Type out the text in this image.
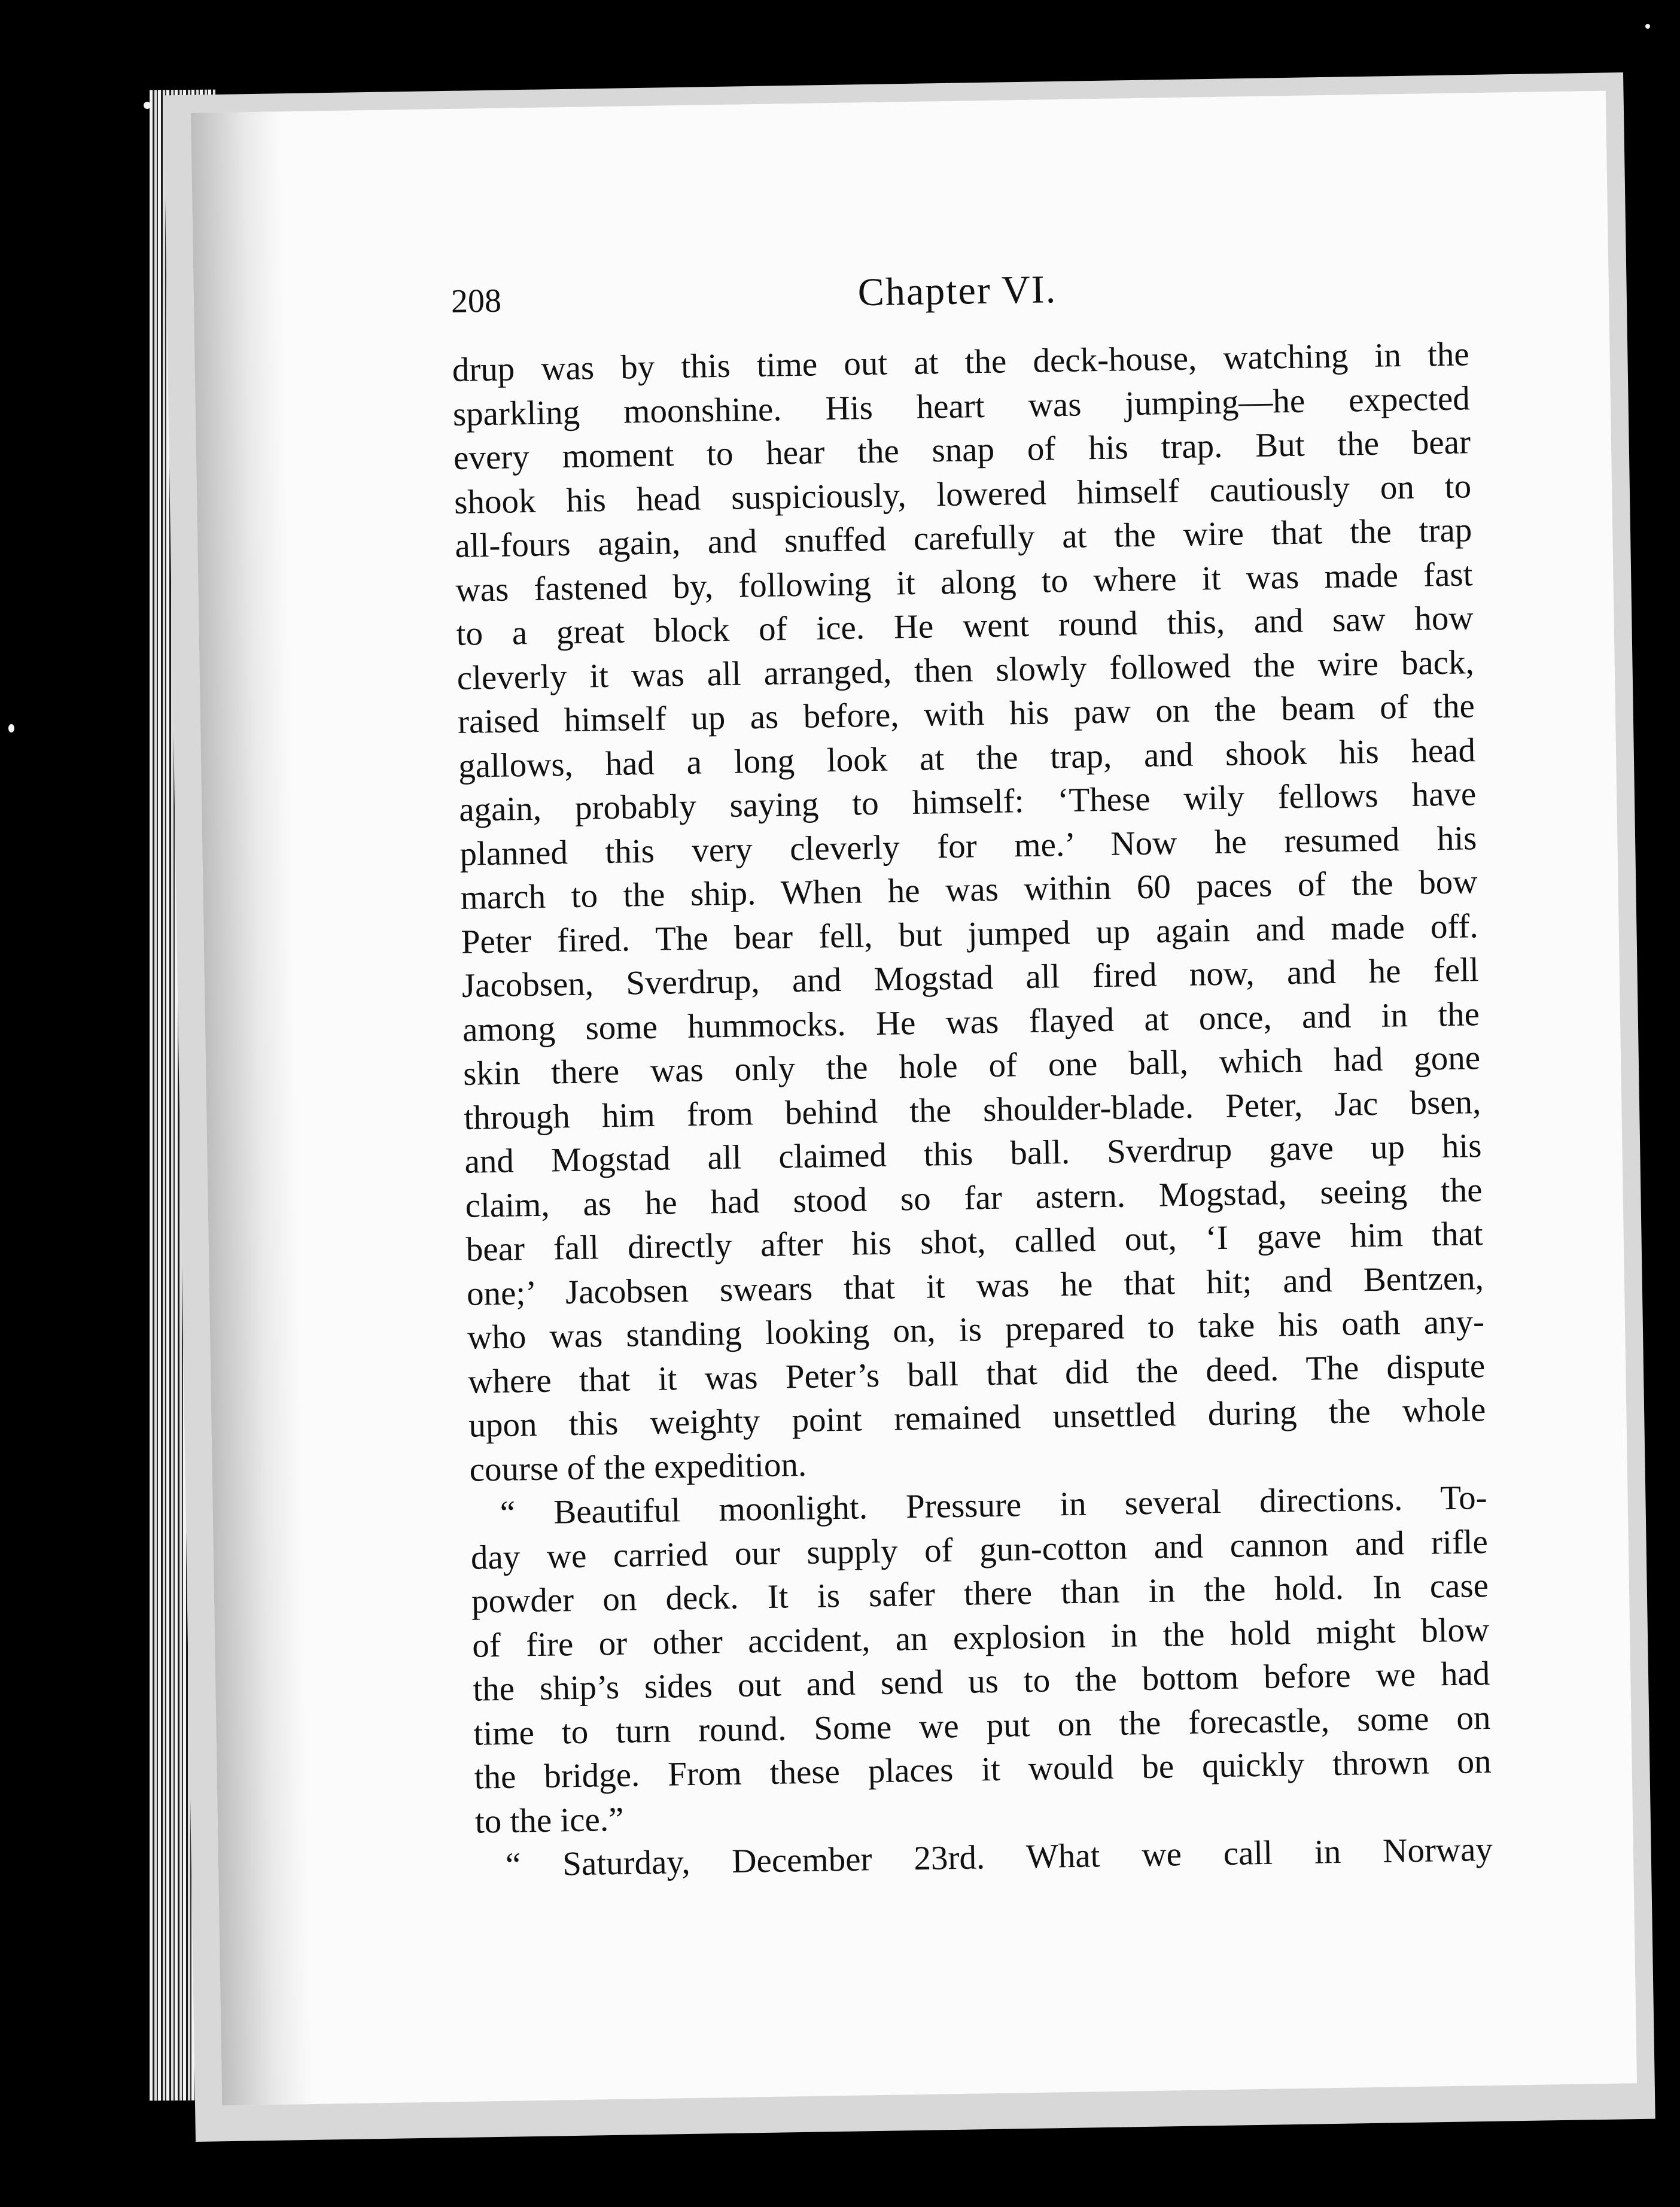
208	Chapter VI.
drup was by this time out at the deck-house, watching in the
sparkling moonshine. His heart was jumping—he expected
every moment to hear the snap of his trap. But the bear
shook his head suspiciously, lowered himself cautiously on to
all-fours again, and snuffed carefully at the wire that the trap
was fastened by, following it along to where it was made fast
to a great block of ice. He went round this, and saw how
cleverly it was all arranged, then slowly followed the wire back,
raised himself up as before, with his paw on the beam of the
gallows, had a long look at the trap, and shook his head
again, probably saying to himself: ‘These wily fellows have
planned this very cleverly for me.’ Now he resumed his
march to the ship. When he was within 60 paces of the bow
Peter fired. The bear fell, but jumped up again and made off.
Jacobsen, Sverdrup, and Mogstad all fired now, and he fell
among some hummocks. He was flayed at once, and in the
skin there was only the hole of one ball, which had gone
through him from behind the shoulder-blade. Peter, Jac bsen,
and Mogstad all claimed this ball. Sverdrup gave up his
claim, as he had stood so far astern. Mogstad, seeing the
bear fall directly after his shot, called out, ‘I gave him that
one;’ Jacobsen swears that it was he that hit; and Bentzen,
who was standing looking on, is prepared to take his oath any-
where that it was Peter’s ball that did the deed. The dispute
upon this weighty point remained unsettled during the whole
course of the expedition.
“ Beautiful moonlight. Pressure in several directions. To-
day we carried our supply of gun-cotton and cannon and rifle
powder on deck. It is safer there than in the hold. In case
of fire or other accident, an explosion in the hold might blow
the ship’s sides out and send us to the bottom before we had
time to turn round. Some we put on the forecastle, some on
the bridge. From these places it would be quickly thrown on
to the ice.”
“ Saturday, December 23rd. What we call in Norway
